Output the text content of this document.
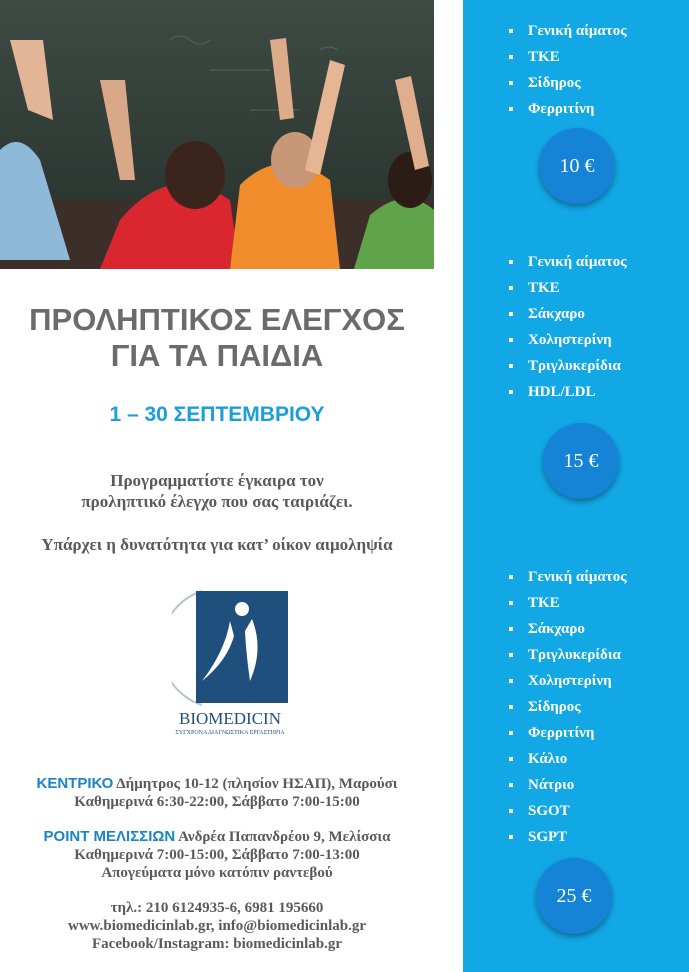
ΠΡΟΛΗΠΤΙΚΟΣ ΕΛΕΓΧΟΣ
ΓΙΑ ΤΑ ΠΑΙΔΙΑ
1 – 30 ΣΕΠΤΕΜΒΡΙΟΥ
Προγραμματίστε έγκαιρα τον
προληπτικό έλεγχο που σας ταιριάζει.
Υπάρχει η δυνατότητα για κατ’ οίκον αιμοληψία
BIOMEDICIN
ΣΥΓΧΡΟΝΑ ΔΙΑΓΝΩΣΤΙΚΑ ΕΡΓΑΣΤΗΡΙΑ
ΚΕΝΤΡΙΚΟ Δήμητρος 10-12 (πλησίον ΗΣΑΠ), Μαρούσι
Καθημερινά 6:30-22:00, Σάββατο 7:00-15:00
POINT ΜΕΛΙΣΣΙΩΝ Ανδρέα Παπανδρέου 9, Μελίσσια
Καθημερινά 7:00-15:00, Σάββατο 7:00-13:00
Απογεύματα μόνο κατόπιν ραντεβού
τηλ.: 210 6124935-6, 6981 195660
www.biomedicinlab.gr, info@biomedicinlab.gr
Facebook/Instagram: biomedicinlab.gr
Γενική αίματος
ΤΚΕ
Σίδηρος
Φερριτίνη
10 €
Γενική αίματος
ΤΚΕ
Σάκχαρο
Χοληστερίνη
Τριγλυκερίδια
HDL/LDL
15 €
Γενική αίματος
ΤΚΕ
Σάκχαρο
Τριγλυκερίδια
Χοληστερίνη
Σίδηρος
Φερριτίνη
Κάλιο
Νάτριο
SGOT
SGPT
25 €
